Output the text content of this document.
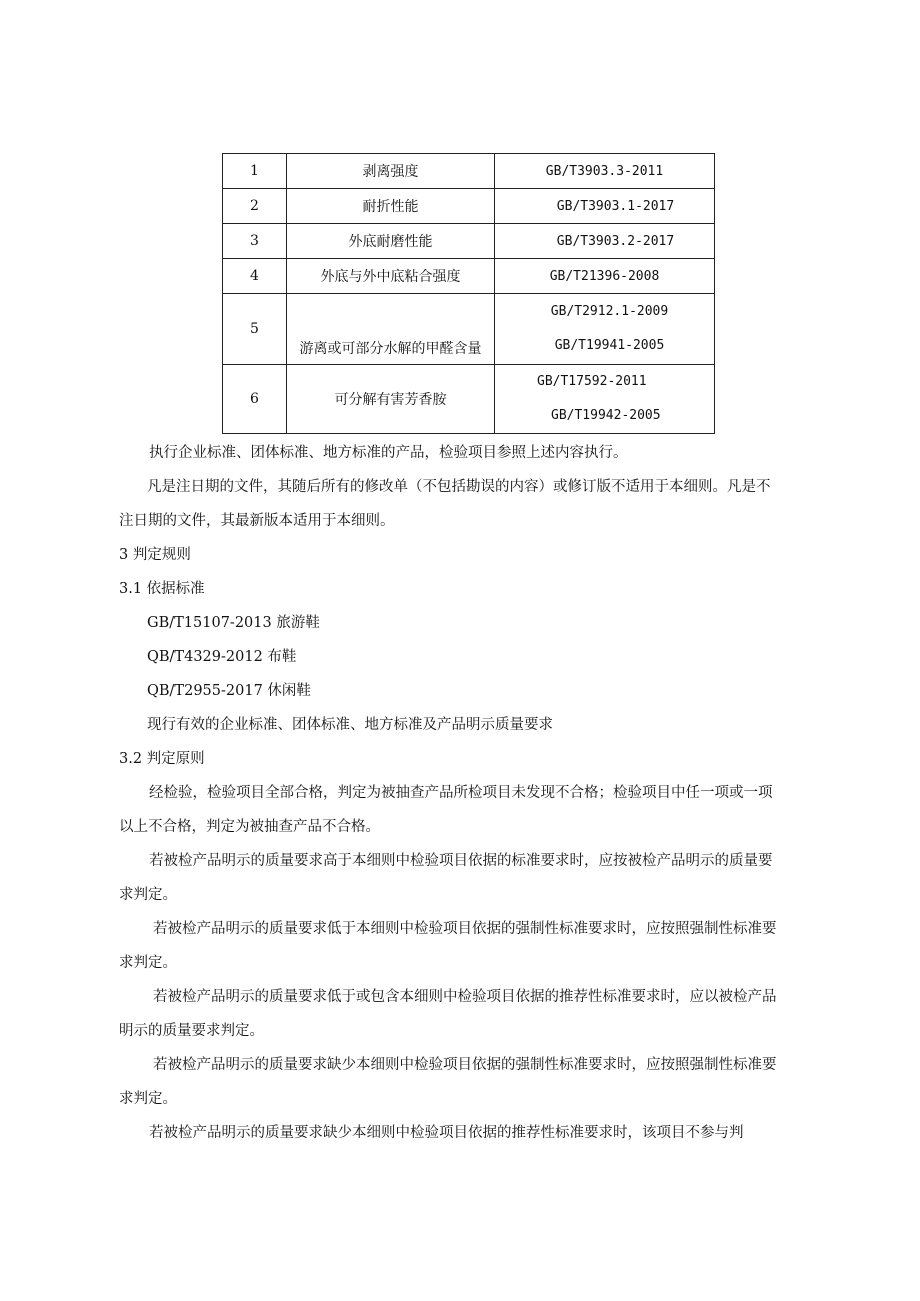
1	剥离强度	GB/T3903.3-2011

2	耐折性能	GB/T3903.1-2017

3	外底耐磨性能	GB/T3903.2-2017

4	外底与外中底粘合强度	GB/T21396-2008

5	游离或可部分水解的甲醛含量	GB/T2912.1-2009
GB/T19941-2005

6	可分解有害芳香胺	GB/T17592-2011
GB/T19942-2005

执行企业标准、团体标准、地方标准的产品，检验项目参照上述内容执行。

凡是注日期的文件，其随后所有的修改单（不包括勘误的内容）或修订版不适用于本细则。凡是不

注日期的文件，其最新版本适用于本细则。

3 判定规则

3.1 依据标准

GB/T15107-2013 旅游鞋

QB/T4329-2012 布鞋

QB/T2955-2017 休闲鞋

现行有效的企业标准、团体标准、地方标准及产品明示质量要求

3.2 判定原则

经检验，检验项目全部合格，判定为被抽查产品所检项目未发现不合格；检验项目中任一项或一项

以上不合格，判定为被抽查产品不合格。

若被检产品明示的质量要求高于本细则中检验项目依据的标准要求时，应按被检产品明示的质量要

求判定。

若被检产品明示的质量要求低于本细则中检验项目依据的强制性标准要求时，应按照强制性标准要

求判定。

若被检产品明示的质量要求低于或包含本细则中检验项目依据的推荐性标准要求时，应以被检产品

明示的质量要求判定。

若被检产品明示的质量要求缺少本细则中检验项目依据的强制性标准要求时，应按照强制性标准要

求判定。

若被检产品明示的质量要求缺少本细则中检验项目依据的推荐性标准要求时，该项目不参与判
